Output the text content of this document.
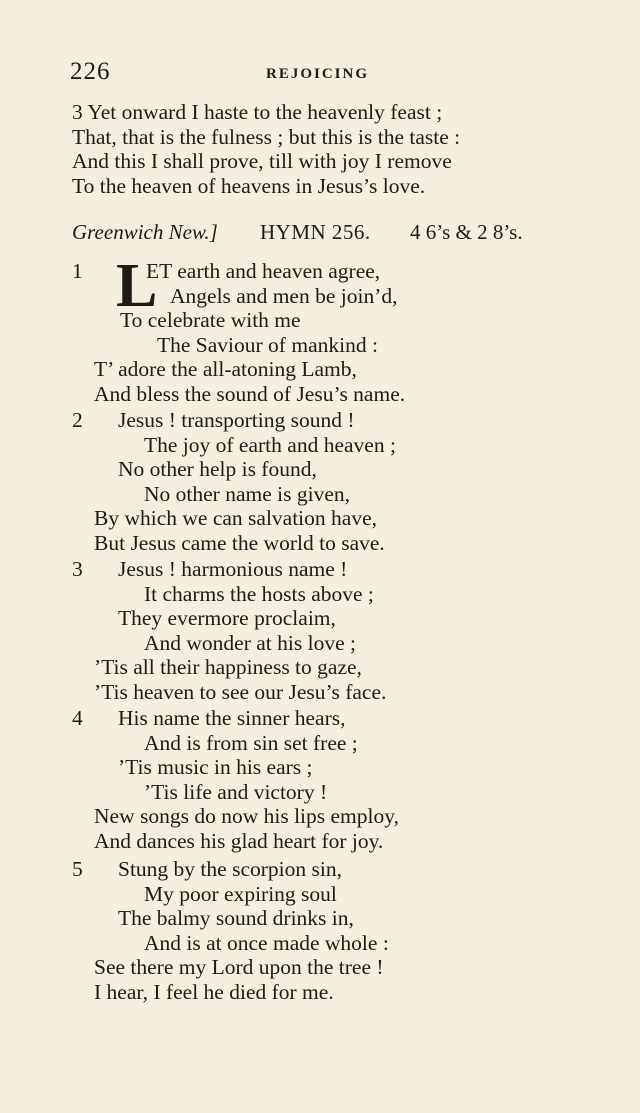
226	REJOICING
3 Yet onward I haste to the heavenly feast ;
That, that is the fulness ; but this is the taste :
And this I shall prove, till with joy I remove
To the heaven of heavens in Jesus’s love.
Greenwich New.] HYMN 256. 4 6’s & 2 8’s.
1 L
ET earth and heaven agree,
Angels and men be join’d,
To celebrate with me
The Saviour of mankind :
T’ adore the all-atoning Lamb,
And bless the sound of Jesu’s name.
2	Jesus ! transporting sound !
The joy of earth and heaven ;
No other help is found,
No other name is given,
By which we can salvation have,
But Jesus came the world to save.
3	Jesus ! harmonious name !
It charms the hosts above ;
They evermore proclaim,
And wonder at his love ;
’Tis all their happiness to gaze,
’Tis heaven to see our Jesu’s face.
4	His name the sinner hears,
And is from sin set free ;
’Tis music in his ears ;
’Tis life and victory !
New songs do now his lips employ,
And dances his glad heart for joy.
5	Stung by the scorpion sin,
My poor expiring soul
The balmy sound drinks in,
And is at once made whole :
See there my Lord upon the tree !
I hear, I feel he died for me.
